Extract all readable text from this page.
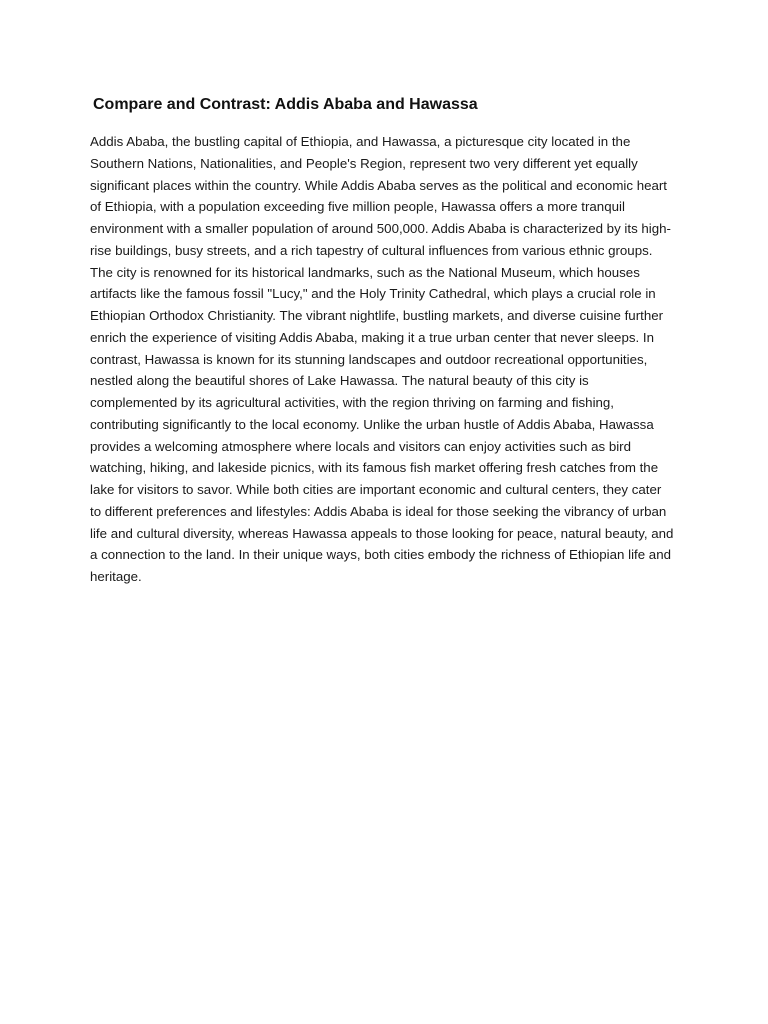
Compare and Contrast: Addis Ababa and Hawassa

Addis Ababa, the bustling capital of Ethiopia, and Hawassa, a picturesque city located in the Southern Nations, Nationalities, and People's Region, represent two very different yet equally significant places within the country. While Addis Ababa serves as the political and economic heart of Ethiopia, with a population exceeding five million people, Hawassa offers a more tranquil environment with a smaller population of around 500,000. Addis Ababa is characterized by its high-rise buildings, busy streets, and a rich tapestry of cultural influences from various ethnic groups. The city is renowned for its historical landmarks, such as the National Museum, which houses artifacts like the famous fossil "Lucy," and the Holy Trinity Cathedral, which plays a crucial role in Ethiopian Orthodox Christianity. The vibrant nightlife, bustling markets, and diverse cuisine further enrich the experience of visiting Addis Ababa, making it a true urban center that never sleeps. In contrast, Hawassa is known for its stunning landscapes and outdoor recreational opportunities, nestled along the beautiful shores of Lake Hawassa. The natural beauty of this city is complemented by its agricultural activities, with the region thriving on farming and fishing, contributing significantly to the local economy. Unlike the urban hustle of Addis Ababa, Hawassa provides a welcoming atmosphere where locals and visitors can enjoy activities such as bird watching, hiking, and lakeside picnics, with its famous fish market offering fresh catches from the lake for visitors to savor. While both cities are important economic and cultural centers, they cater to different preferences and lifestyles: Addis Ababa is ideal for those seeking the vibrancy of urban life and cultural diversity, whereas Hawassa appeals to those looking for peace, natural beauty, and a connection to the land. In their unique ways, both cities embody the richness of Ethiopian life and heritage.
